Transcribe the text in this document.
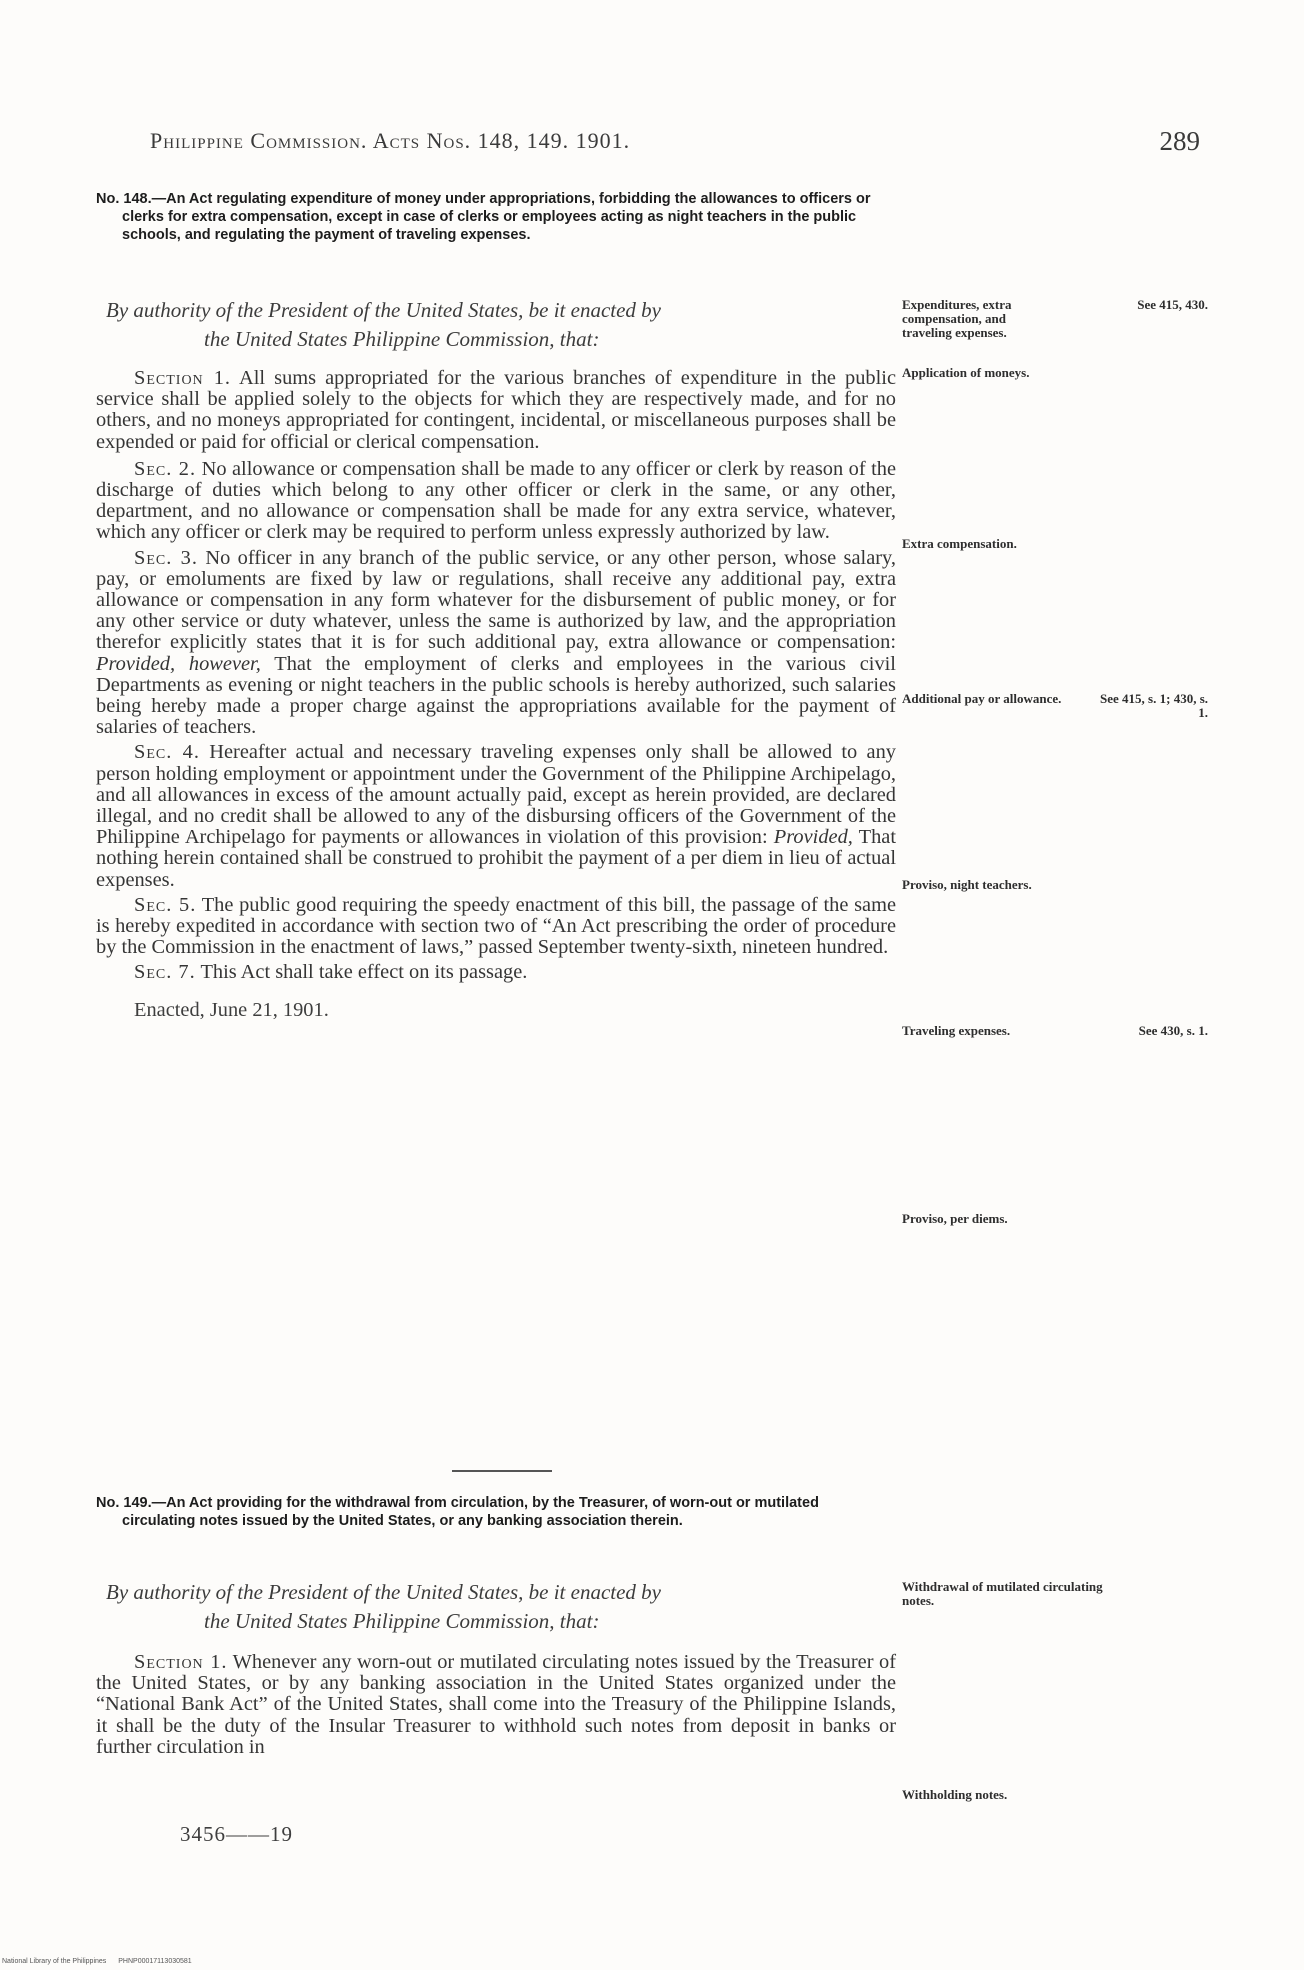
Philippine Commission. Acts Nos. 148, 149. 1901.	289

No. 148.—An Act regulating expenditure of money under appropriations, forbidding the allowances to officers or clerks for extra compensation, except in case of clerks or employees acting as night teachers in the public schools, and regulating the payment of traveling expenses.

By authority of the President of the United States, be it enacted by

the United States Philippine Commission, that:

Section 1. All sums appropriated for the various branches of expenditure in the public service shall be applied solely to the objects for which they are respectively made, and for no others, and no moneys appropriated for contingent, incidental, or miscellaneous purposes shall be expended or paid for official or clerical compensation.

Sec. 2. No allowance or compensation shall be made to any officer or clerk by reason of the discharge of duties which belong to any other officer or clerk in the same, or any other, department, and no allowance or compensation shall be made for any extra service, whatever, which any officer or clerk may be required to perform unless expressly authorized by law.

Sec. 3. No officer in any branch of the public service, or any other person, whose salary, pay, or emoluments are fixed by law or regulations, shall receive any additional pay, extra allowance or compensation in any form whatever for the disbursement of public money, or for any other service or duty whatever, unless the same is authorized by law, and the appropriation therefor explicitly states that it is for such additional pay, extra allowance or compensation: Provided, however, That the employment of clerks and employees in the various civil Departments as evening or night teachers in the public schools is hereby authorized, such salaries being hereby made a proper charge against the appropriations available for the payment of salaries of teachers.

Sec. 4. Hereafter actual and necessary traveling expenses only shall be allowed to any person holding employment or appointment under the Government of the Philippine Archipelago, and all allowances in excess of the amount actually paid, except as herein provided, are declared illegal, and no credit shall be allowed to any of the disbursing officers of the Government of the Philippine Archipelago for payments or allowances in violation of this provision: Provided, That nothing herein contained shall be construed to prohibit the payment of a per diem in lieu of actual expenses.

Sec. 5. The public good requiring the speedy enactment of this bill, the passage of the same is hereby expedited in accordance with section two of “An Act prescribing the order of procedure by the Commission in the enactment of laws,” passed September twenty-sixth, nineteen hundred.

Sec. 7. This Act shall take effect on its passage.

Enacted, June 21, 1901.

No. 149.—An Act providing for the withdrawal from circulation, by the Treasurer, of worn-out or mutilated circulating notes issued by the United States, or any banking association therein.

By authority of the President of the United States, be it enacted by

the United States Philippine Commission, that:

Section 1. Whenever any worn-out or mutilated circulating notes issued by the Treasurer of the United States, or by any banking association in the United States organized under the “National Bank Act” of the United States, shall come into the Treasury of the Philippine Islands, it shall be the duty of the Insular Treasurer to withhold such notes from deposit in banks or further circulation in

3456——19
Expenditures, extra compensation, and traveling expenses.
See 415, 430.
Application of moneys.
Extra compensation.
Additional pay or allowance.	See 415, s. 1; 430, s. 1.
Proviso, night teachers.
Traveling expenses.	See 430, s. 1.
Proviso, per diems.
Withdrawal of mutilated circulating notes.
Withholding notes.
National Library of the Philippines PHNP00017113030581
